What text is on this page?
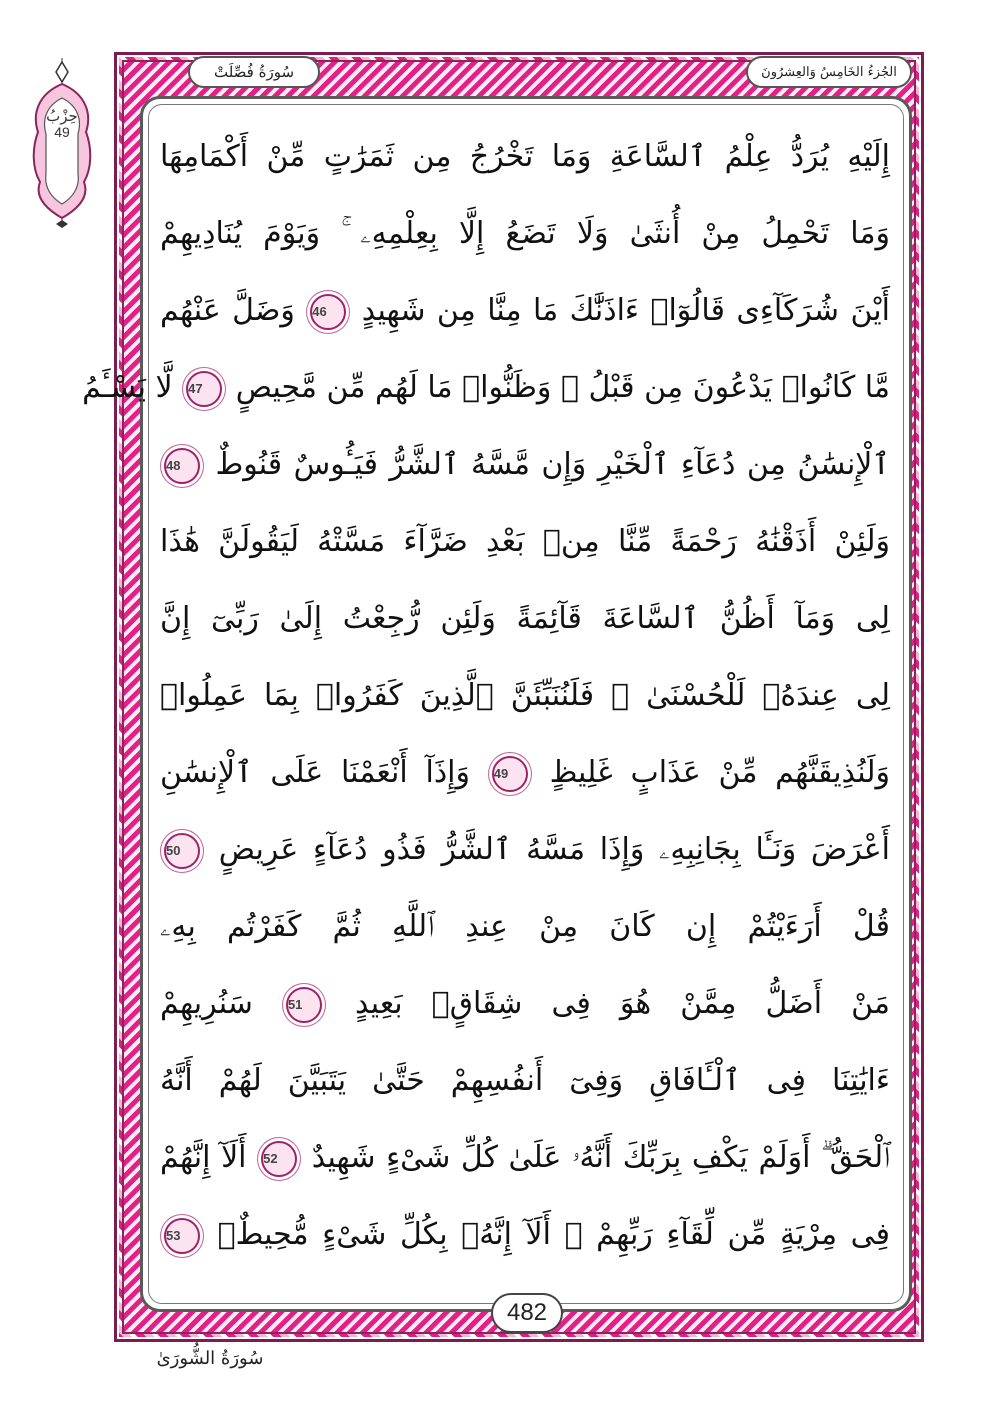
الجُزءُ الخَامِسُ وَالعِشرُونَ
سُورَةُ فُصِّلَتْ
حِزْبُ
49
إِلَيْهِ يُرَدُّ عِلْمُ ٱلسَّاعَةِ وَمَا تَخْرُجُ مِن ثَمَرَٰتٍ مِّنْ أَكْمَامِهَا
وَمَا تَحْمِلُ مِنْ أُنثَىٰ وَلَا تَضَعُ إِلَّا بِعِلْمِهِۦ ۚ وَيَوْمَ يُنَادِيهِمْ
أَيْنَ شُرَكَآءِى قَالُوٓا۟ ءَاذَنَّٰكَ مَا مِنَّا مِن شَهِيدٍ 46 وَضَلَّ عَنْهُم
مَّا كَانُوا۟ يَدْعُونَ مِن قَبْلُ ۖ وَظَنُّوا۟ مَا لَهُم مِّن مَّحِيصٍ 47 لَّا يَسْـَٔمُ
ٱلْإِنسَٰنُ مِن دُعَآءِ ٱلْخَيْرِ وَإِن مَّسَّهُ ٱلشَّرُّ فَيَـُٔوسٌ قَنُوطٌ 48
وَلَئِنْ أَذَقْنَٰهُ رَحْمَةً مِّنَّا مِنۢ بَعْدِ ضَرَّآءَ مَسَّتْهُ لَيَقُولَنَّ هَٰذَا
لِى وَمَآ أَظُنُّ ٱلسَّاعَةَ قَآئِمَةً وَلَئِن رُّجِعْتُ إِلَىٰ رَبِّىٓ إِنَّ
لِى عِندَهُۥ لَلْحُسْنَىٰ ۚ فَلَنُنَبِّئَنَّ ٱلَّذِينَ كَفَرُوا۟ بِمَا عَمِلُوا۟
وَلَنُذِيقَنَّهُم مِّنْ عَذَابٍ غَلِيظٍ 49 وَإِذَآ أَنْعَمْنَا عَلَى ٱلْإِنسَٰنِ
أَعْرَضَ وَنَـَٔا بِجَانِبِهِۦ وَإِذَا مَسَّهُ ٱلشَّرُّ فَذُو دُعَآءٍ عَرِيضٍ 50
قُلْ أَرَءَيْتُمْ إِن كَانَ مِنْ عِندِ ٱللَّهِ ثُمَّ كَفَرْتُم بِهِۦ
مَنْ أَضَلُّ مِمَّنْ هُوَ فِى شِقَاقٍۭ بَعِيدٍ 51 سَنُرِيهِمْ
ءَايَٰتِنَا فِى ٱلْـَٔافَاقِ وَفِىٓ أَنفُسِهِمْ حَتَّىٰ يَتَبَيَّنَ لَهُمْ أَنَّهُ
ٱلْحَقُّ ۗ أَوَلَمْ يَكْفِ بِرَبِّكَ أَنَّهُۥ عَلَىٰ كُلِّ شَىْءٍ شَهِيدٌ 52 أَلَآ إِنَّهُمْ
فِى مِرْيَةٍ مِّن لِّقَآءِ رَبِّهِمْ ۗ أَلَآ إِنَّهُۥ بِكُلِّ شَىْءٍ مُّحِيطٌۢ 53
482
سُورَةُ الشُّورَىٰ
